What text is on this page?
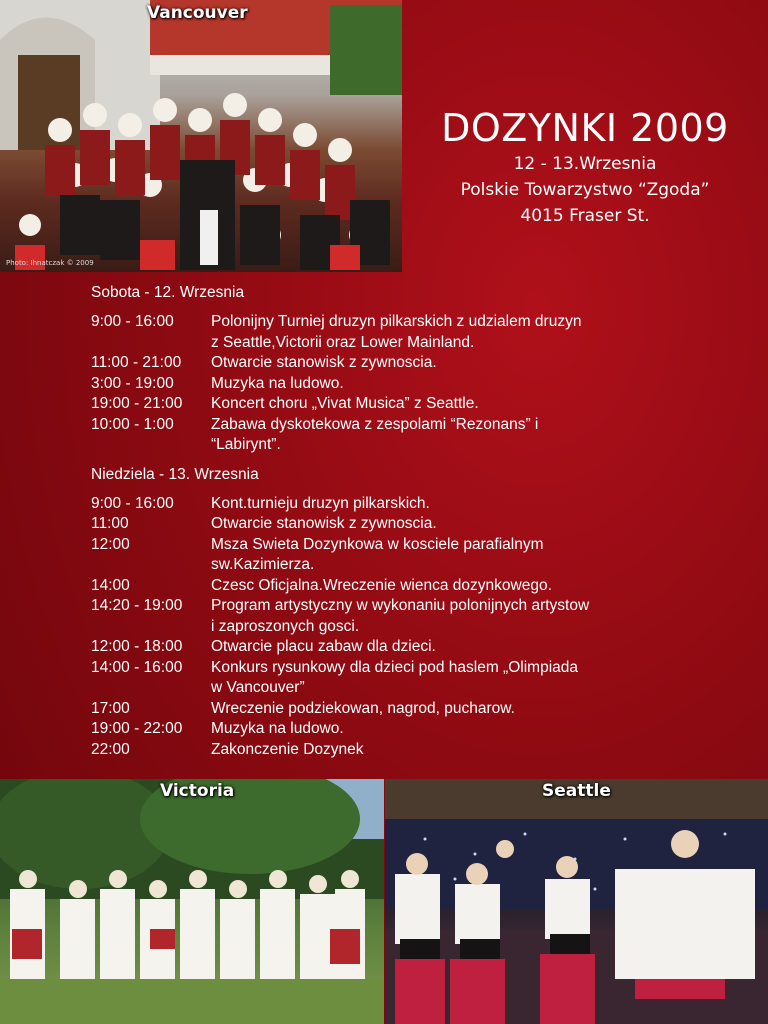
Vancouver
Photo: Ihnatczak © 2009
DOZYNKI 2009
12 - 13.Wrzesnia
Polskie Towarzystwo “Zgoda”
4015 Fraser St.
Sobota - 12. Wrzesnia
9:00 - 16:00	Polonijny Turniej druzyn pilkarskich z udzialem druzyn
z Seattle,Victorii oraz Lower Mainland.
11:00 - 21:00	Otwarcie stanowisk z zywnoscia.
3:00 - 19:00	Muzyka na ludowo.
19:00 - 21:00	Koncert choru „Vivat Musica” z Seattle.
10:00 - 1:00	Zabawa dyskotekowa z zespolami “Rezonans” i
“Labirynt”.
Niedziela - 13. Wrzesnia
9:00 - 16:00	Kont.turnieju druzyn pilkarskich.
11:00	Otwarcie stanowisk z zywnoscia.
12:00	Msza Swieta Dozynkowa w kosciele parafialnym
sw.Kazimierza.
14:00	Czesc Oficjalna.Wreczenie wienca dozynkowego.
14:20 - 19:00	Program artystyczny w wykonaniu polonijnych artystow
i zaproszonych gosci.
12:00 - 18:00	Otwarcie placu zabaw dla dzieci.
14:00 - 16:00	Konkurs rysunkowy dla dzieci pod haslem „Olimpiada
w Vancouver”
17:00	Wreczenie podziekowan, nagrod, pucharow.
19:00 - 22:00	Muzyka na ludowo.
22:00	Zakonczenie Dozynek
Victoria	Seattle
